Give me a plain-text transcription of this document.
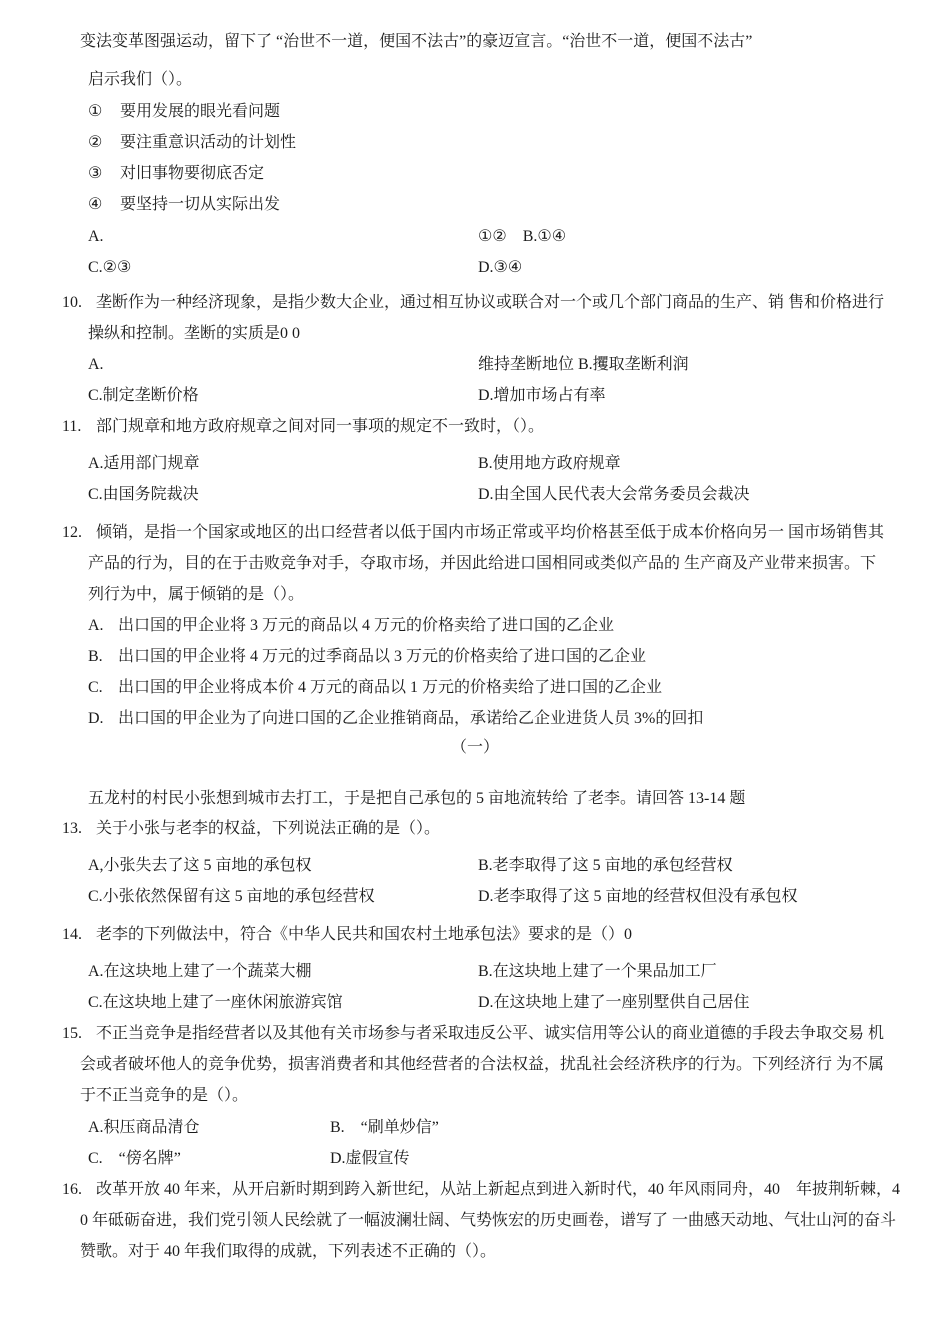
变法变革图强运动，留下了 “治世不一道，便国不法古”的豪迈宣言。“治世不一道，便国不法古”
启示我们（）。
① 要用发展的眼光看问题
② 要注重意识活动的计划性
③ 对旧事物要彻底否定
④ 要坚持一切从实际出发
A.	①②　B.①④
C.②③	D.③④
10. 垄断作为一种经济现象，是指少数大企业，通过相互协议或联合对一个或几个部门商品的生产、销 售和价格进行
操纵和控制。垄断的实质是0 0
A.	维持垄断地位 B.攫取垄断利润
C.制定垄断价格	D.增加市场占有率
11. 部门规章和地方政府规章之间对同一事项的规定不一致时，（）。
A.适用部门规章	B.使用地方政府规章
C.由国务院裁决	D.由全国人民代表大会常务委员会裁决
12. 倾销，是指一个国家或地区的出口经营者以低于国内市场正常或平均价格甚至低于成本价格向另一 国市场销售其
产品的行为，目的在于击败竞争对手，夺取市场，并因此给进口国相同或类似产品的 生产商及产业带来损害。下
列行为中，属于倾销的是（）。
A. 出口国的甲企业将 3 万元的商品以 4 万元的价格卖给了进口国的乙企业
B. 出口国的甲企业将 4 万元的过季商品以 3 万元的价格卖给了进口国的乙企业
C. 出口国的甲企业将成本价 4 万元的商品以 1 万元的价格卖给了进口国的乙企业
D. 出口国的甲企业为了向进口国的乙企业推销商品，承诺给乙企业进货人员 3%的回扣
（一）
五龙村的村民小张想到城市去打工，于是把自己承包的 5 亩地流转给 了老李。请回答 13-14 题
13. 关于小张与老李的权益，下列说法正确的是（）。
A,小张失去了这 5 亩地的承包权	B.老李取得了这 5 亩地的承包经营权
C.小张依然保留有这 5 亩地的承包经营权	D.老李取得了这 5 亩地的经营权但没有承包权
14. 老李的下列做法中，符合《中华人民共和国农村土地承包法》要求的是（）0
A.在这块地上建了一个蔬菜大棚	B.在这块地上建了一个果品加工厂
C.在这块地上建了一座休闲旅游宾馆	D.在这块地上建了一座别墅供自己居住
15. 不正当竞争是指经营者以及其他有关市场参与者采取违反公平、诚实信用等公认的商业道德的手段去争取交易 机
会或者破坏他人的竞争优势，损害消费者和其他经营者的合法权益，扰乱社会经济秩序的行为。下列经济行 为不属
于不正当竞争的是（）。
A.积压商品清仓	B.　“刷单炒信”
C.　“傍名牌”	D.虚假宣传
16. 改革开放 40 年来，从开启新时期到跨入新世纪，从站上新起点到进入新时代，40 年风雨同舟，40　年披荆斩棘，4
0 年砥砺奋进，我们党引领人民绘就了一幅波澜壮阔、气势恢宏的历史画卷，谱写了 一曲感天动地、气壮山河的奋斗
赞歌。对于 40 年我们取得的成就，下列表述不正确的（）。
